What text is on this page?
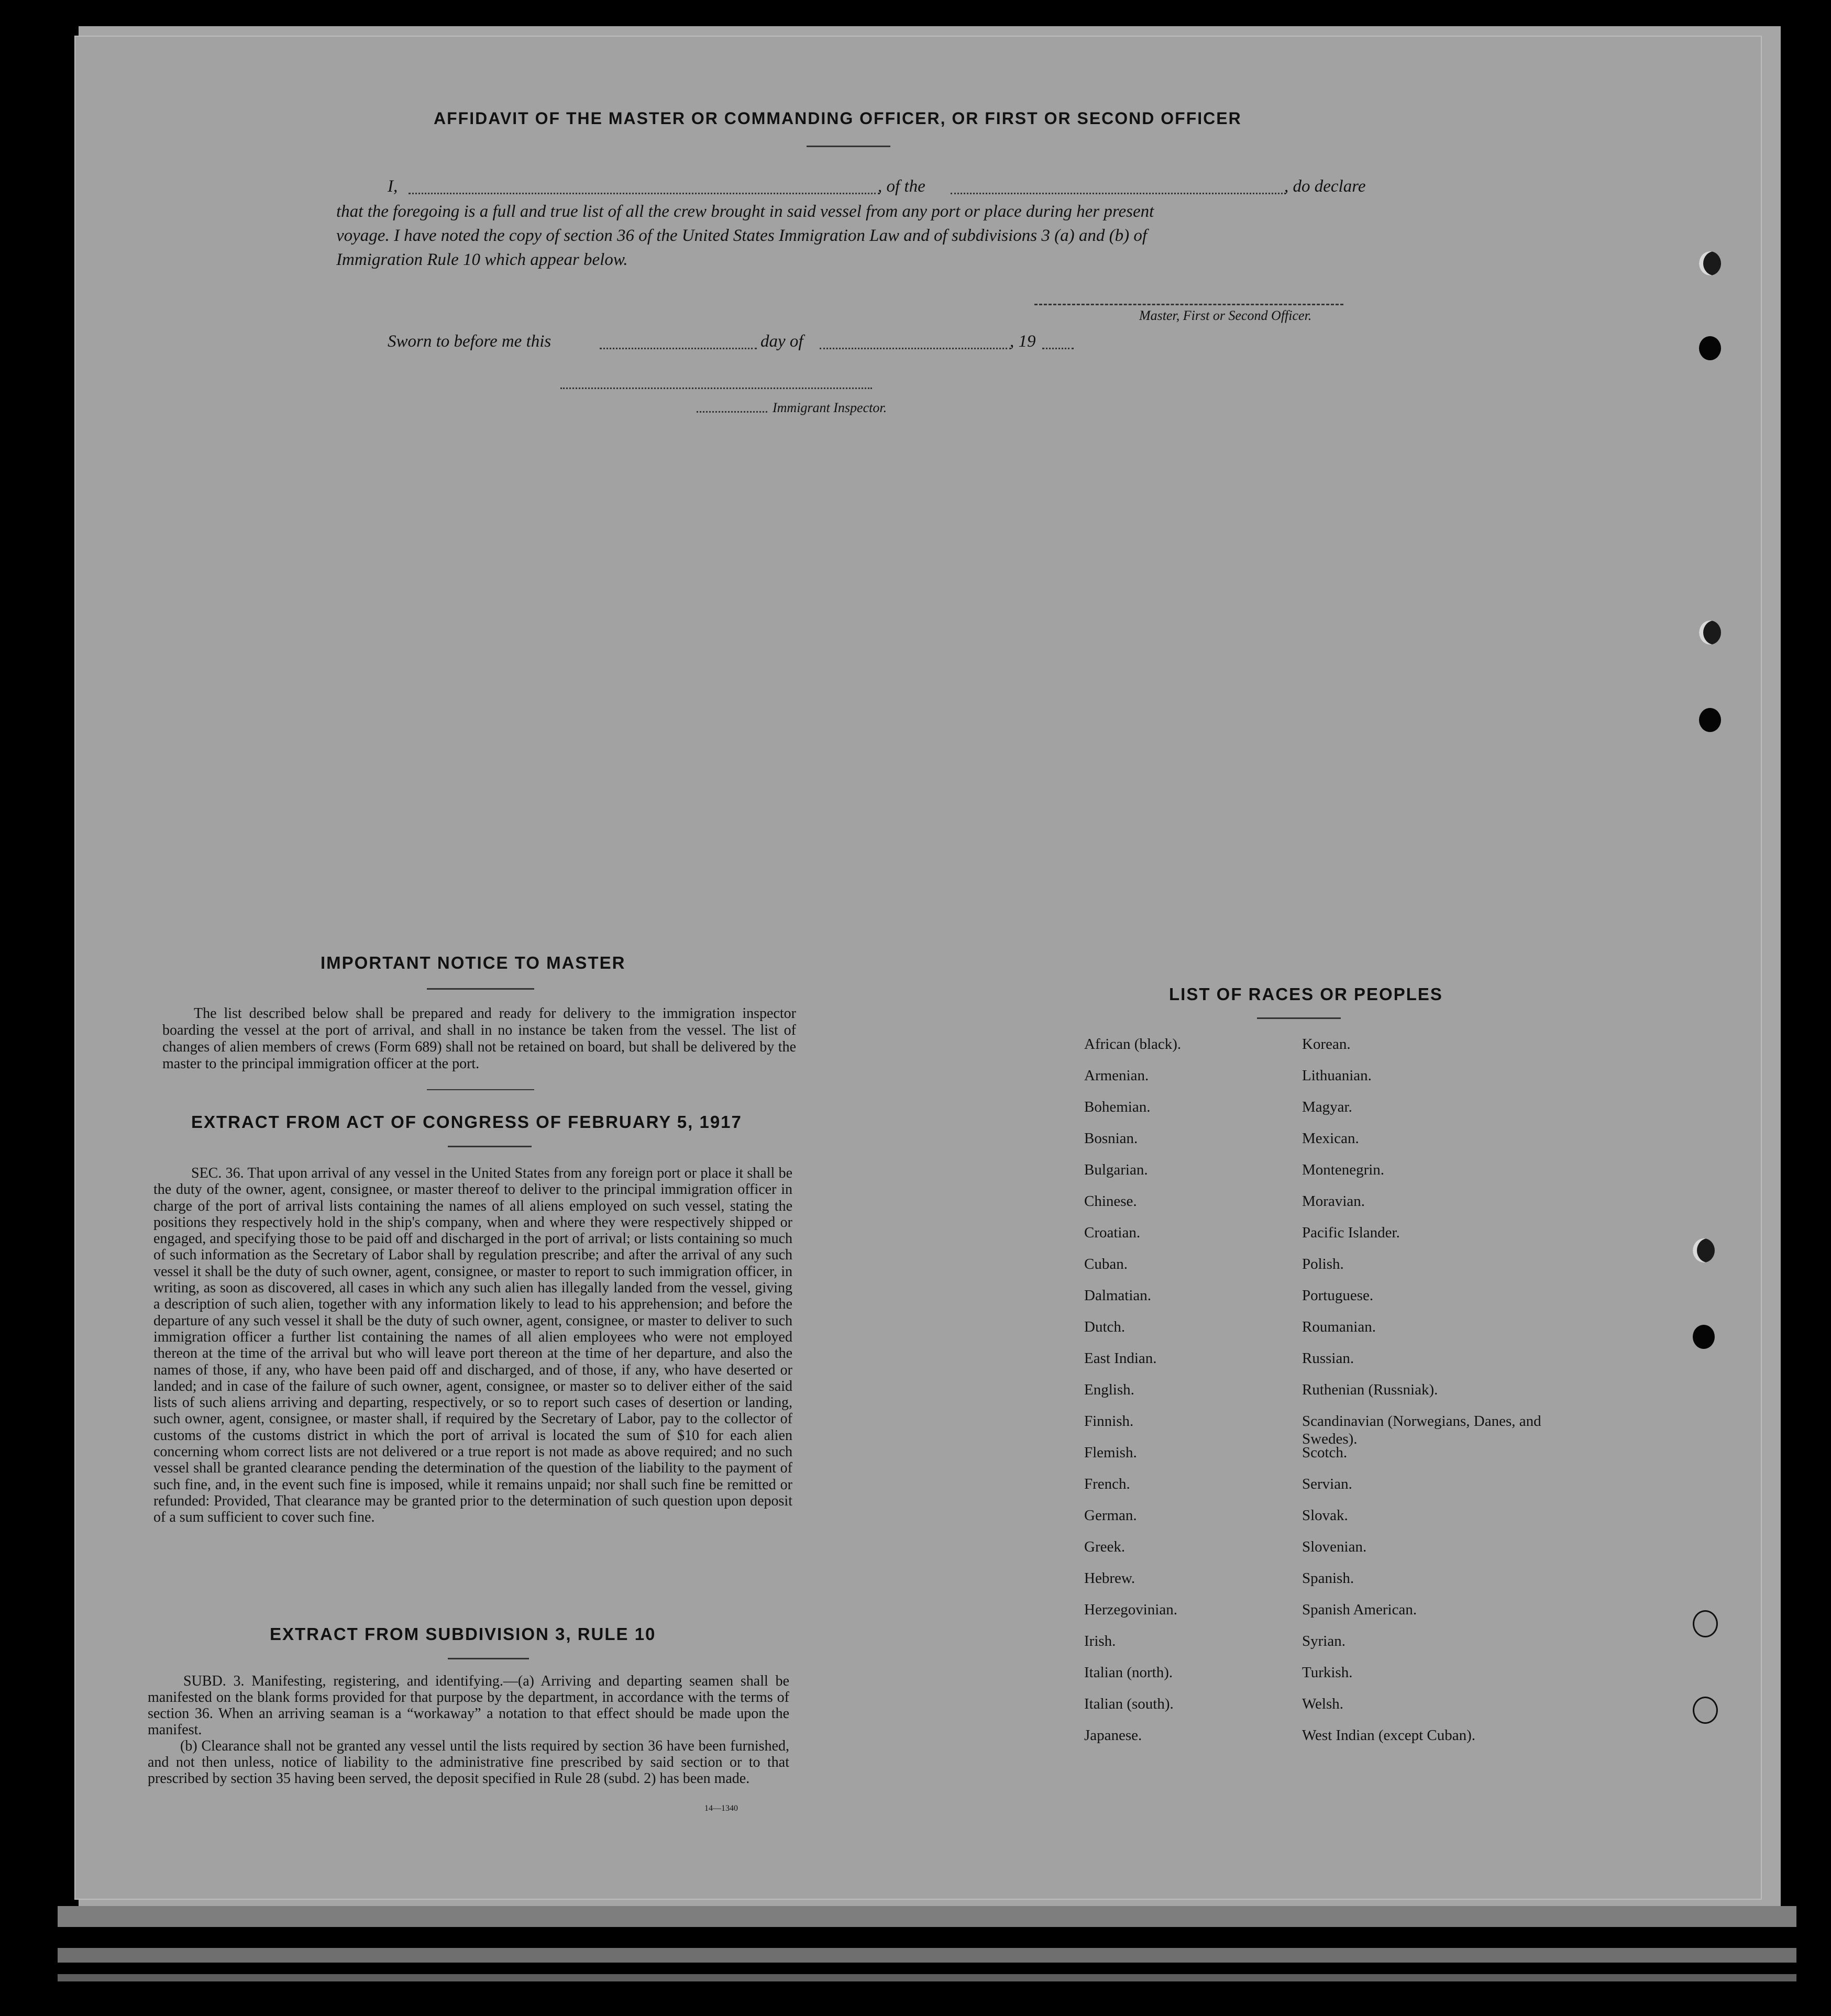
AFFIDAVIT OF THE MASTER OR COMMANDING OFFICER, OR FIRST OR SECOND OFFICER
I,	, of the	, do declare
that the foregoing is a full and true list of all the crew brought in said vessel from any port or place during her present
voyage. I have noted the copy of section 36 of the United States Immigration Law and of subdivisions 3 (a) and (b) of
Immigration Rule 10 which appear below.
Master, First or Second Officer.
Sworn to before me this	day of	, 19
Immigrant Inspector.
IMPORTANT NOTICE TO MASTER
The list described below shall be prepared and ready for delivery to the immigration inspector boarding the vessel at the port of arrival, and shall in no instance be taken from the vessel. The list of changes of alien members of crews (Form 689) shall not be retained on board, but shall be delivered by the master to the principal immigration officer at the port.
EXTRACT FROM ACT OF CONGRESS OF FEBRUARY 5, 1917
SEC. 36. That upon arrival of any vessel in the United States from any foreign port or place it shall be the duty of the owner, agent, consignee, or master thereof to deliver to the principal immigration officer in charge of the port of arrival lists containing the names of all aliens employed on such vessel, stating the positions they respectively hold in the ship's company, when and where they were respectively shipped or engaged, and specifying those to be paid off and discharged in the port of arrival; or lists containing so much of such information as the Secretary of Labor shall by regulation prescribe; and after the arrival of any such vessel it shall be the duty of such owner, agent, consignee, or master to report to such immigration officer, in writing, as soon as discovered, all cases in which any such alien has illegally landed from the vessel, giving a description of such alien, together with any information likely to lead to his apprehension; and before the departure of any such vessel it shall be the duty of such owner, agent, consignee, or master to deliver to such immigration officer a further list containing the names of all alien employees who were not employed thereon at the time of the arrival but who will leave port thereon at the time of her departure, and also the names of those, if any, who have been paid off and discharged, and of those, if any, who have deserted or landed; and in case of the failure of such owner, agent, consignee, or master so to deliver either of the said lists of such aliens arriving and departing, respectively, or so to report such cases of desertion or landing, such owner, agent, consignee, or master shall, if required by the Secretary of Labor, pay to the collector of customs of the customs district in which the port of arrival is located the sum of $10 for each alien concerning whom correct lists are not delivered or a true report is not made as above required; and no such vessel shall be granted clearance pending the determination of the question of the liability to the payment of such fine, and, in the event such fine is imposed, while it remains unpaid; nor shall such fine be remitted or refunded: Provided, That clearance may be granted prior to the determination of such question upon deposit of a sum sufficient to cover such fine.
EXTRACT FROM SUBDIVISION 3, RULE 10

SUBD. 3. Manifesting, registering, and identifying.—(a) Arriving and departing seamen shall be manifested on the blank forms provided for that purpose by the department, in accordance with the terms of section 36. When an arriving seaman is a “workaway” a notation to that effect should be made upon the manifest.

(b) Clearance shall not be granted any vessel until the lists required by section 36 have been furnished, and not then unless, notice of liability to the administrative fine prescribed by said section or to that prescribed by section 35 having been served, the deposit specified in Rule 28 (subd. 2) has been made.

14—1340
LIST OF RACES OR PEOPLES
African (black).
Armenian.
Bohemian.
Bosnian.
Bulgarian.
Chinese.
Croatian.
Cuban.
Dalmatian.
Dutch.
East Indian.
English.
Finnish.
Flemish.
French.
German.
Greek.
Hebrew.
Herzegovinian.
Irish.
Italian (north).
Italian (south).
Japanese.
Korean.
Lithuanian.
Magyar.
Mexican.
Montenegrin.
Moravian.
Pacific Islander.
Polish.
Portuguese.
Roumanian.
Russian.
Ruthenian (Russniak).
Scandinavian (Norwegians, Danes, and Swedes).
Scotch.
Servian.
Slovak.
Slovenian.
Spanish.
Spanish American.
Syrian.
Turkish.
Welsh.
West Indian (except Cuban).
